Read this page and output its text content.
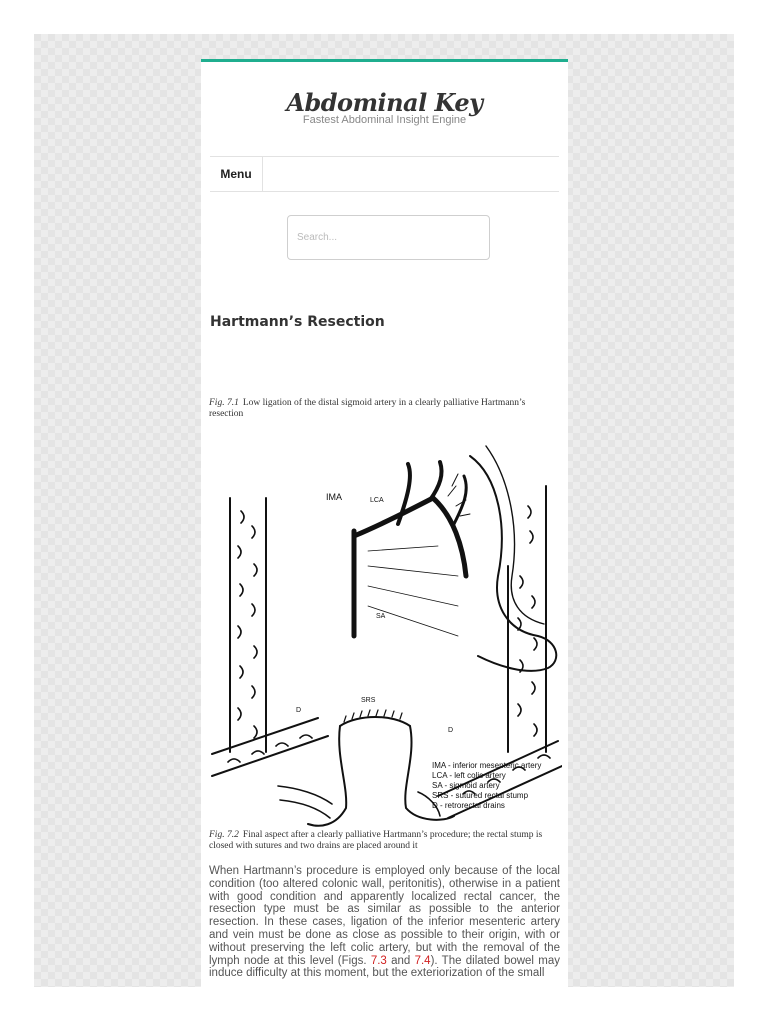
Abdominal Key
Fastest Abdominal Insight Engine
Menu
Search...
Hartmann’s Resection
Fig. 7.1 Low ligation of the distal sigmoid artery in a clearly palliative Hartmann’s resection
IMA	LCA
SA
SRS
D
D
IMA - inferior mesenteric artery
LCA - left colic artery
SA - sigmoid artery
SRS - sutured rectal stump
D - retrorectal drains
Fig. 7.2 Final aspect after a clearly palliative Hartmann’s procedure; the rectal stump is closed with sutures and two drains are placed around it
When Hartmann’s procedure is employed only because of the local condition (too altered colonic wall, peritonitis), otherwise in a patient with good condition and apparently localized rectal cancer, the resection type must be as similar as possible to the anterior resection. In these cases, ligation of the inferior mesenteric artery and vein must be done as close as possible to their origin, with or without preserving the left colic artery, but with the removal of the lymph node at this level (Figs. 7.3 and 7.4). The dilated bowel may induce difficulty at this moment, but the exteriorization of the small
